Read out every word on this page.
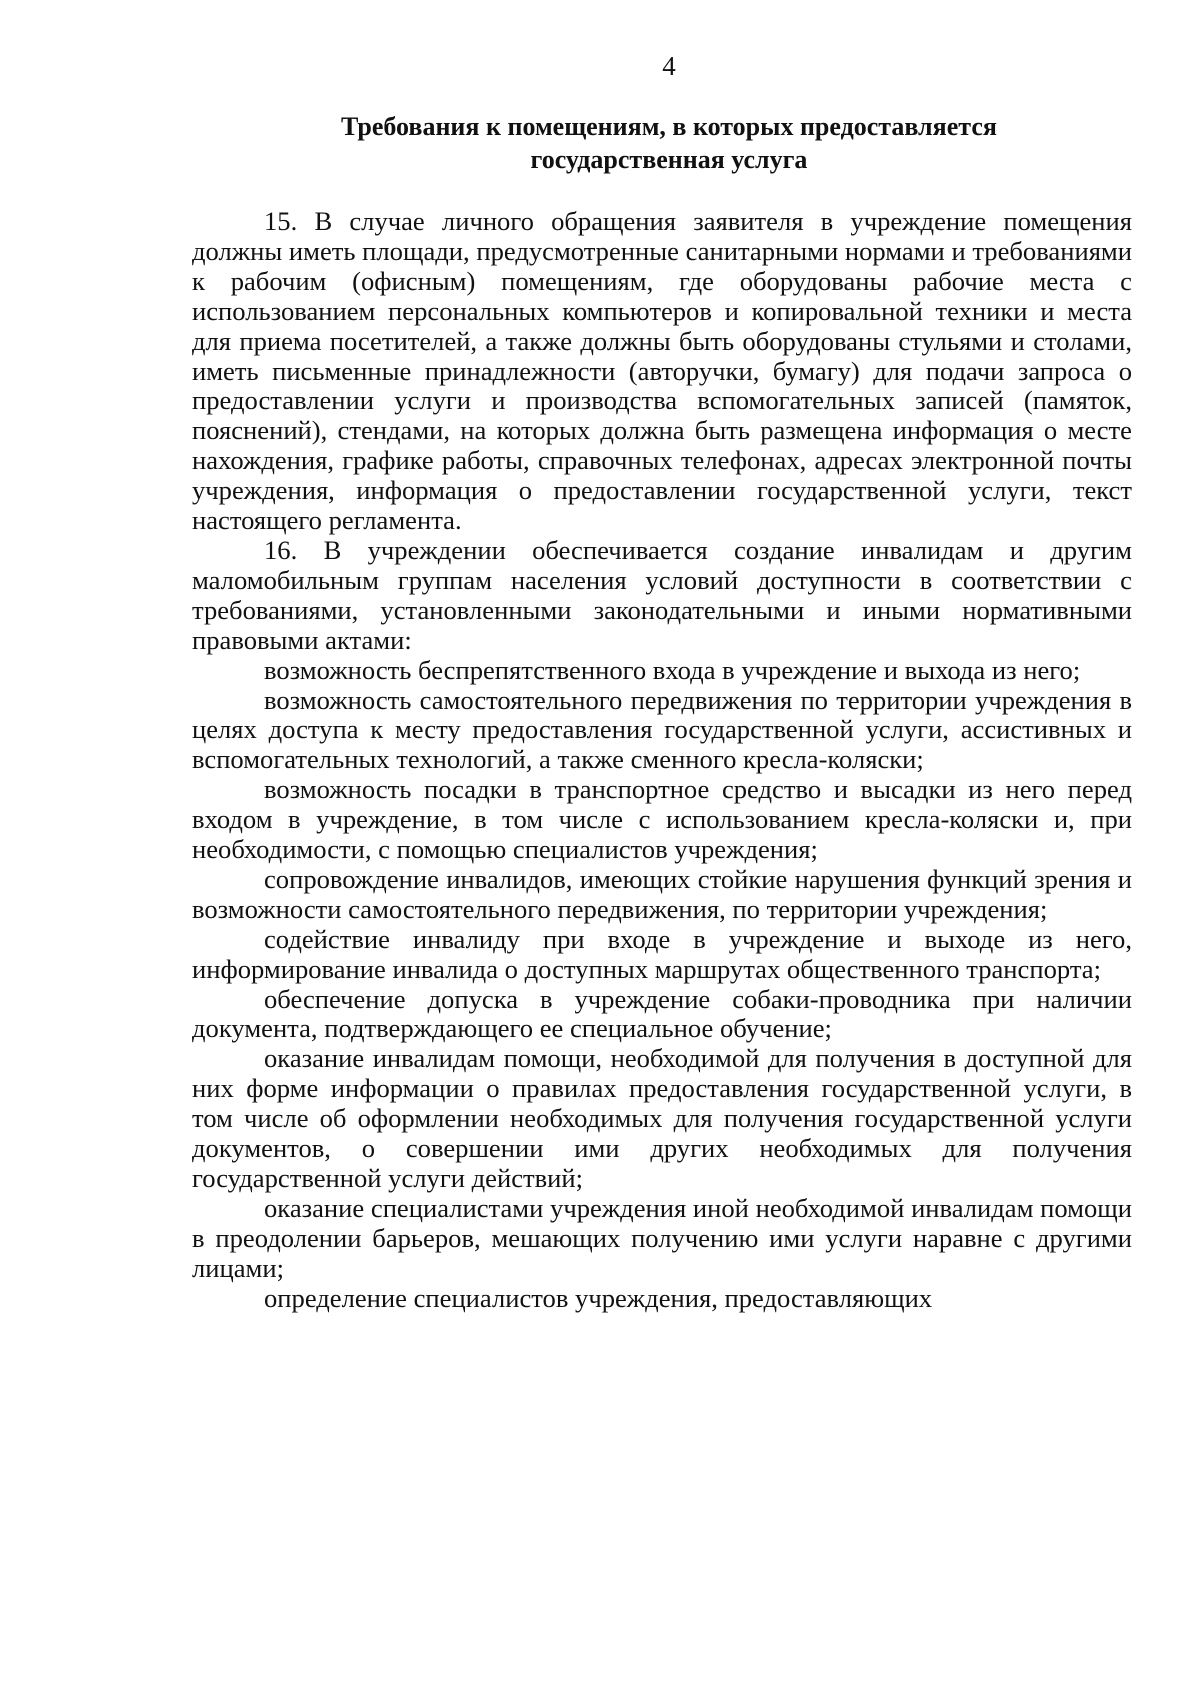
4
Требования к помещениям, в которых предоставляется
государственная услуга

15. В случае личного обращения заявителя в учреждение помещения должны иметь площади, предусмотренные санитарными нормами и требованиями к рабочим (офисным) помещениям, где оборудованы рабочие места с использованием персональных компьютеров и копировальной техники и места для приема посетителей, а также должны быть оборудованы стульями и столами, иметь письменные принадлежности (авторучки, бумагу) для подачи запроса о предоставлении услуги и производства вспомогательных записей (памяток, пояснений), стендами, на которых должна быть размещена информация о месте нахождения, графике работы, справочных телефонах, адресах электронной почты учреждения, информация о предоставлении государственной услуги, текст настоящего регламента.

16. В учреждении обеспечивается создание инвалидам и другим маломобильным группам населения условий доступности в соответствии с требованиями, установленными законодательными и иными нормативными правовыми актами:

возможность беспрепятственного входа в учреждение и выхода из него;

возможность самостоятельного передвижения по территории учреждения в целях доступа к месту предоставления государственной услуги, ассистивных и вспомогательных технологий, а также сменного кресла-коляски;

возможность посадки в транспортное средство и высадки из него перед входом в учреждение, в том числе с использованием кресла-коляски и, при необходимости, с помощью специалистов учреждения;

сопровождение инвалидов, имеющих стойкие нарушения функций зрения и возможности самостоятельного передвижения, по территории учреждения;

содействие инвалиду при входе в учреждение и выходе из него, информирование инвалида о доступных маршрутах общественного транспорта;

обеспечение допуска в учреждение собаки-проводника при наличии документа, подтверждающего ее специальное обучение;

оказание инвалидам помощи, необходимой для получения в доступной для них форме информации о правилах предоставления государственной услуги, в том числе об оформлении необходимых для получения государственной услуги документов, о совершении ими других необходимых для получения государственной услуги действий;

оказание специалистами учреждения иной необходимой инвалидам помощи в преодолении барьеров, мешающих получению ими услуги наравне с другими лицами;

определение специалистов учреждения, предоставляющих
